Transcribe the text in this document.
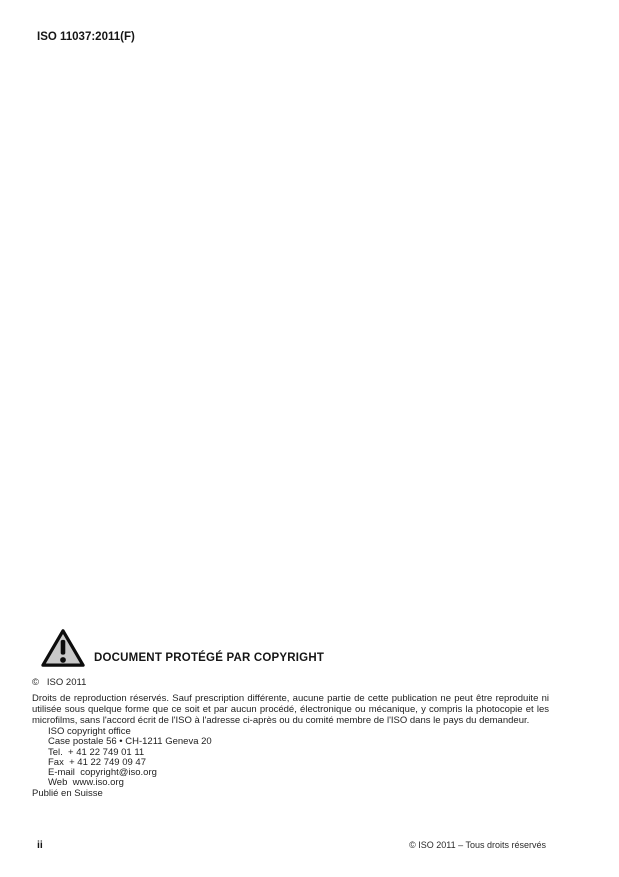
ISO 11037:2011(F)
DOCUMENT PROTÉGÉ PAR COPYRIGHT
©   ISO 2011

Droits de reproduction réservés. Sauf prescription différente, aucune partie de cette publication ne peut être reproduite ni utilisée sous quelque forme que ce soit et par aucun procédé, électronique ou mécanique, y compris la photocopie et les microfilms, sans l'accord écrit de l'ISO à l'adresse ci-après ou du comité membre de l'ISO dans le pays du demandeur.

ISO copyright office
Case postale 56 • CH-1211 Geneva 20
Tel.  + 41 22 749 01 11
Fax  + 41 22 749 09 47
E-mail  copyright@iso.org
Web  www.iso.org
Publié en Suisse
ii	© ISO 2011 – Tous droits réservés
